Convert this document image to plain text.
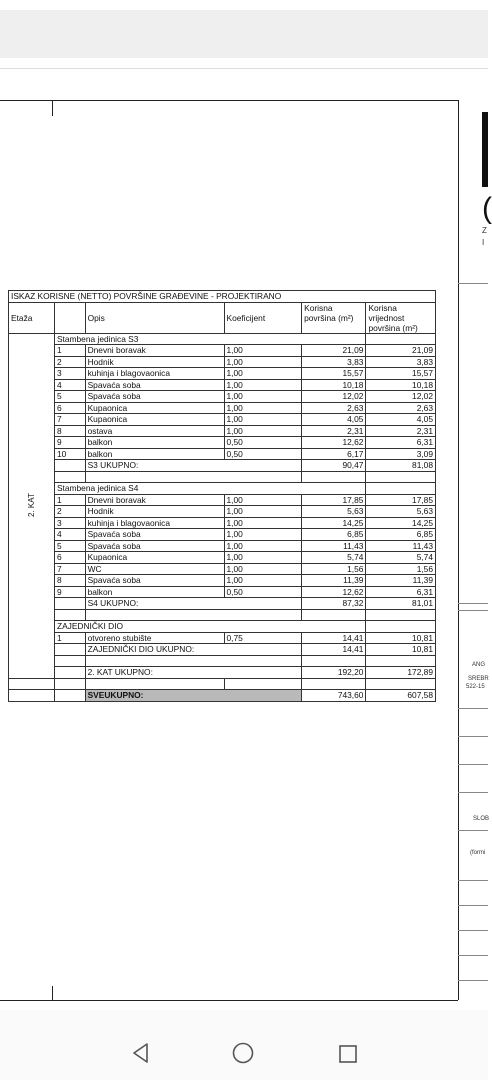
(
Z
I
ANG
SREBR
522-15
SLOB
(formi
ISKAZ KORISNE (NETTO) POVRŠINE GRAĐEVINE - PROJEKTIRANO					
Etaža		Opis	Koeficijent	Korisna površina (m²)	Korisna vrijednost površina (m²)
2. KAT	Stambena jedinica S3				
	1	Dnevni boravak	1,00	21,09	21,09
	2	Hodnik	1,00	3,83	3,83
	3	kuhinja i blagovaonica	1,00	15,57	15,57
	4	Spavaća soba	1,00	10,18	10,18
	5	Spavaća soba	1,00	12,02	12,02
	6	Kupaonica	1,00	2,63	2,63
	7	Kupaonica	1,00	4,05	4,05
	8	ostava	1,00	2,31	2,31
	9	balkon	0,50	12,62	6,31
	10	balkon	0,50	6,17	3,09
		S3 UKUPNO:		90,47	81,08

	Stambena jedinica S4				
	1	Dnevni boravak	1,00	17,85	17,85
	2	Hodnik	1,00	5,63	5,63
	3	kuhinja i blagovaonica	1,00	14,25	14,25
	4	Spavaća soba	1,00	6,85	6,85
	5	Spavaća soba	1,00	11,43	11,43
	6	Kupaonica	1,00	5,74	5,74
	7	WC	1,00	1,56	1,56
	8	Spavaća soba	1,00	11,39	11,39
	9	balkon	0,50	12,62	6,31
		S4 UKUPNO:		87,32	81,01

	ZAJEDNIČKI DIO				
	1	otvoreno stubište	0,75	14,41	10,81
		ZAJEDNIČKI DIO UKUPNO:		14,41	10,81

		2. KAT UKUPNO:		192,20	172,89

		SVEUKUPNO:		743,60	607,58
